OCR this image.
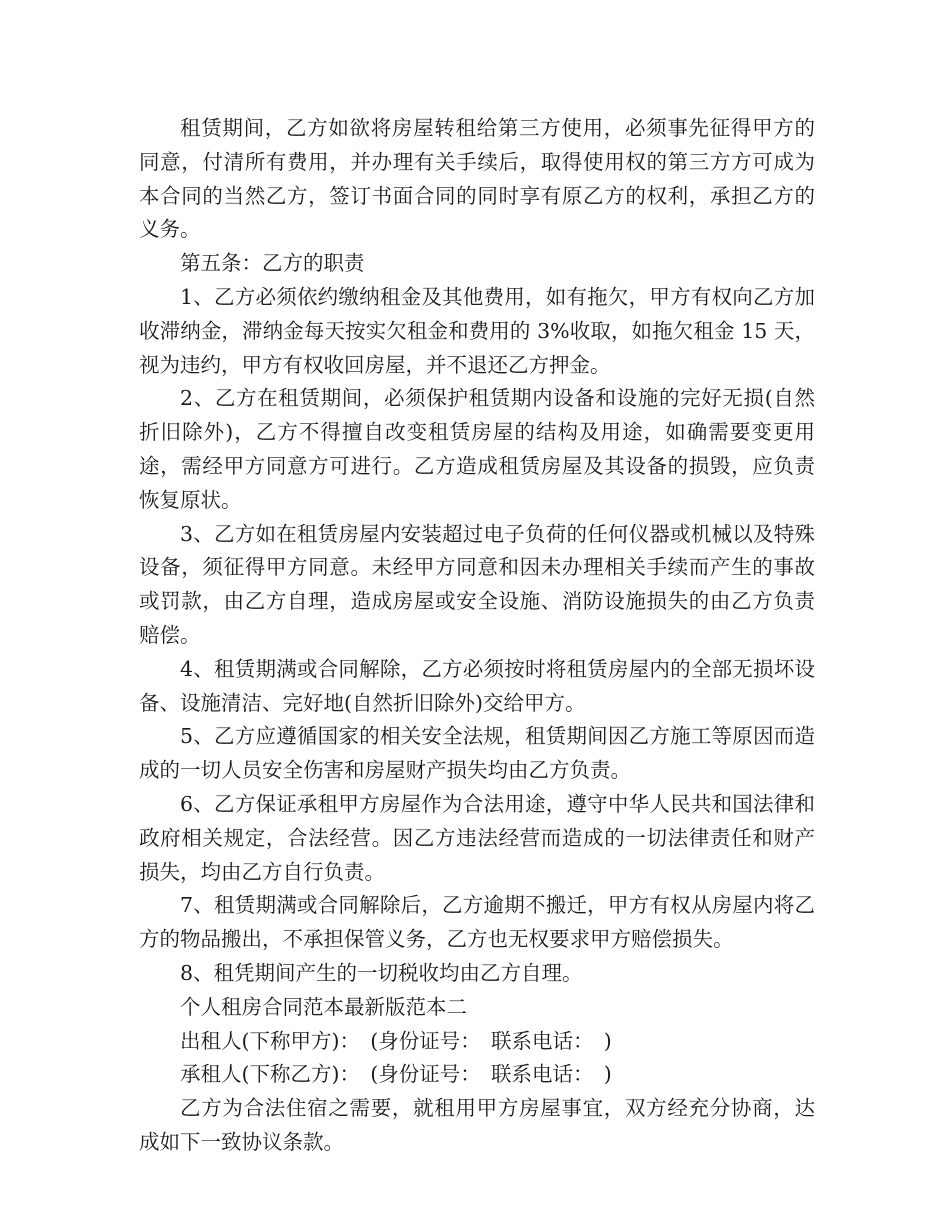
租赁期间，乙方如欲将房屋转租给第三方使用，必须事先征得甲方的同意，付清所有费用，并办理有关手续后，取得使用权的第三方方可成为本合同的当然乙方，签订书面合同的同时享有原乙方的权利，承担乙方的义务。

第五条：乙方的职责

1、乙方必须依约缴纳租金及其他费用，如有拖欠，甲方有权向乙方加收滞纳金，滞纳金每天按实欠租金和费用的 3%收取，如拖欠租金 15 天，视为违约，甲方有权收回房屋，并不退还乙方押金。

2、乙方在租赁期间，必须保护租赁期内设备和设施的完好无损(自然折旧除外)，乙方不得擅自改变租赁房屋的结构及用途，如确需要变更用途，需经甲方同意方可进行。乙方造成租赁房屋及其设备的损毁，应负责恢复原状。

3、乙方如在租赁房屋内安装超过电子负荷的任何仪器或机械以及特殊设备，须征得甲方同意。未经甲方同意和因未办理相关手续而产生的事故或罚款，由乙方自理，造成房屋或安全设施、消防设施损失的由乙方负责赔偿。

4、租赁期满或合同解除，乙方必须按时将租赁房屋内的全部无损坏设备、设施清洁、完好地(自然折旧除外)交给甲方。

5、乙方应遵循国家的相关安全法规，租赁期间因乙方施工等原因而造成的一切人员安全伤害和房屋财产损失均由乙方负责。

6、乙方保证承租甲方房屋作为合法用途，遵守中华人民共和国法律和政府相关规定，合法经营。因乙方违法经营而造成的一切法律责任和财产损失，均由乙方自行负责。

7、租赁期满或合同解除后，乙方逾期不搬迁，甲方有权从房屋内将乙方的物品搬出，不承担保管义务，乙方也无权要求甲方赔偿损失。

8、租凭期间产生的一切税收均由乙方自理。

个人租房合同范本最新版范本二

出租人(下称甲方)：　(身份证号：　联系电话：　)

承租人(下称乙方)：　(身份证号：　联系电话：　)

乙方为合法住宿之需要，就租用甲方房屋事宜，双方经充分协商，达成如下一致协议条款。
